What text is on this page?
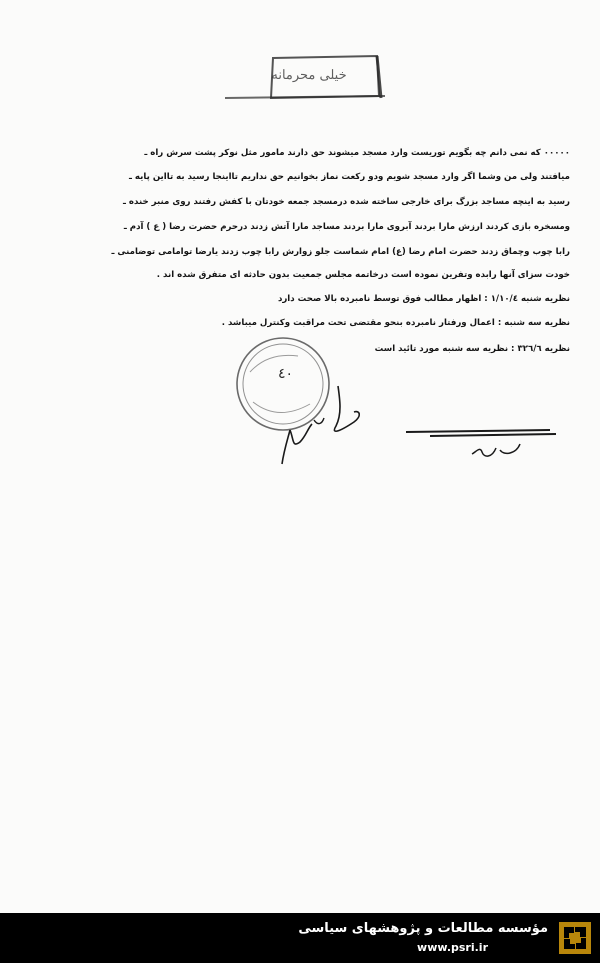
خیلی محرمانه
٠٠٠٠٠ که نمی دانم چه بگویم توریست وارد مسجد میشوند حق دارند مامور مثل نوکر پشت سرش راه ـ
میافتند ولی من وشما اگر وارد مسجد شویم ودو رکعت نماز بخوانیم حق نداریم تااینجا رسید به تااین پایه ـ
رسید به اینچه مساجد بزرگ برای خارجی ساخته شده درمسجد جمعه خودتان با کفش رفتند روی منبر خنده ـ
ومسخره بازی کردند ارزش مارا بردند آبروی مارا بردند مساجد مارا آتش زدند درحرم حضرت رضا ( ع ) آدم ـ
رابا چوب وچماق زدند حضرت امام رضا (ع) امام شماست جلو زوارش رابا چوب زدند یارضا توامامی توضامنی ـ
خودت سزای آنها رابده وتفرین نموده است درخاتمه مجلس جمعیت بدون حادثه ای متفرق شده اند .
نظریه شنبه ١/١٠/٤ : اظهار مطالب فوق توسط نامبرده بالا صحت دارد
نظریه سه شنبه : اعمال ورفتار نامبرده بنحو مقتضی تحت مراقبت وکنترل میباشد .
نظریه ٣٢٦/٦ : نظریه سه شنبه مورد تائید است
٤٠
مؤسسه مطالعات و پژوهشهای سیاسی
www.psri.ir
